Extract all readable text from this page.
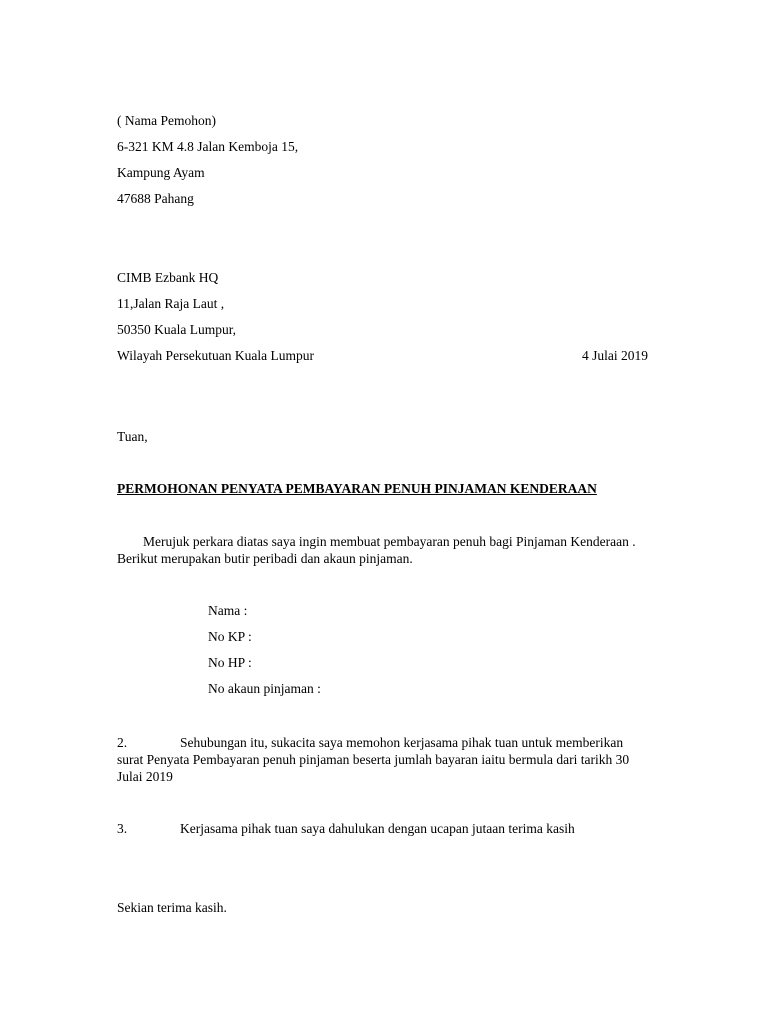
( Nama Pemohon)
6-321 KM 4.8 Jalan Kemboja 15,
Kampung Ayam
47688 Pahang
CIMB Ezbank HQ
11,Jalan Raja Laut ,
50350 Kuala Lumpur,
Wilayah Persekutuan Kuala Lumpur	4 Julai 2019
Tuan,
PERMOHONAN PENYATA PEMBAYARAN PENUH PINJAMAN KENDERAAN
Merujuk perkara diatas saya ingin membuat pembayaran penuh bagi Pinjaman Kenderaan . Berikut merupakan butir peribadi dan akaun pinjaman.
Nama :
No KP :
No HP :
No akaun pinjaman :
2.	Sehubungan itu, sukacita saya memohon kerjasama pihak tuan untuk memberikan surat Penyata Pembayaran penuh pinjaman beserta jumlah bayaran iaitu bermula dari tarikh 30 Julai 2019
3.	Kerjasama pihak tuan saya dahulukan dengan ucapan jutaan terima kasih
Sekian terima kasih.
